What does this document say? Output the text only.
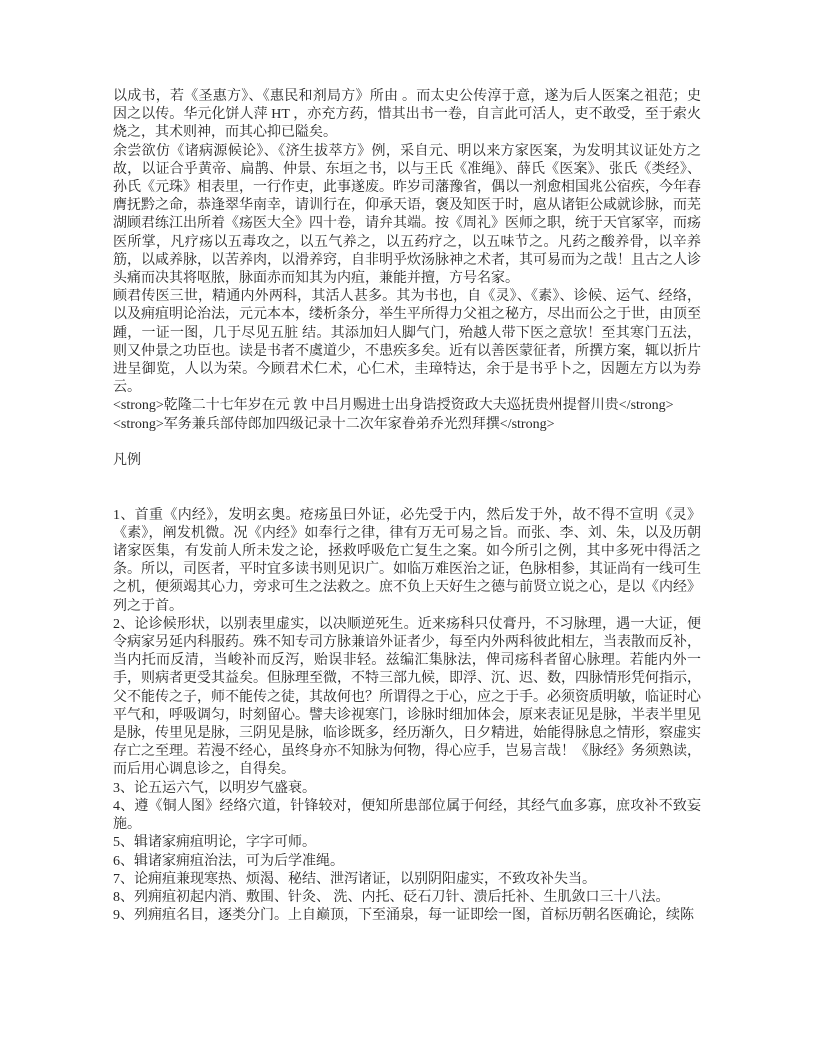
以成书，若《圣惠方》、《惠民和剂局方》所由 。而太史公传淳于意，遂为后人医案之祖范；史因之以传。华元化饼人萍 HT ，亦充方药，惜其出书一卷，自言此可活人，吏不敢受，至于索火烧之，其术则神，而其心抑已隘矣。

余尝欲仿《诸病源候论》、《济生拔萃方》例，采自元、明以来方家医案，为发明其议证处方之故，以证合乎黄帝、扁鹊、仲景、东垣之书，以与王氏《准绳》、薛氏《医案》、张氏《类经》、孙氏《元珠》相表里，一行作吏，此事遂废。昨岁司藩豫省，偶以一剂愈相国兆公宿疾，今年春膺抚黔之命，恭逢翠华南幸，请训行在，仰承天语，褒及知医于时，扈从诸钜公咸就诊脉，而芜湖顾君练江出所着《疡医大全》四十卷，请弁其端。按《周礼》医师之职，统于天官冢宰，而疡医所掌，凡疗疡以五毒攻之，以五气养之，以五药疗之，以五味节之。凡药之酸养骨，以辛养筋，以咸养脉，以苦养肉，以滑养窍，自非明乎炊汤脉神之术者，其可易而为之哉！且古之人诊头痛而决其将呕脓，脉面赤而知其为内疽，兼能并擅，方号名家。

顾君传医三世，精通内外两科，其活人甚多。其为书也，自《灵》、《素》、诊候、运气、经络，以及痈疽明论治法，元元本本，缕析条分，举生平所得力父祖之秘方，尽出而公之于世，由顶至踵，一证一图，几于尽见五脏 结。其添加妇人脚气门，殆越人带下医之意欤！至其寒门五法，则又仲景之功臣也。读是书者不虞道少，不患疾多矣。近有以善医蒙征者，所撰方案，辄以折片进呈御览，人以为荣。今顾君术仁术，心仁术，圭璋特达，余于是书乎卜之，因题左方以为券云。

<strong>乾隆二十七年岁在元 敦 中吕月赐进士出身诰授资政大夫巡抚贵州提督川贵</strong>

<strong>军务兼兵部侍郎加四级记录十二次年家眷弟乔光烈拜撰</strong>

凡例

1、首重《内经》，发明玄奥。疮疡虽曰外证，必先受于内，然后发于外，故不得不宣明《灵》《素》，阐发机微。况《内经》如奉行之律，律有万无可易之旨。而张、李、刘、朱，以及历朝诸家医集，有发前人所未发之论，拯救呼吸危亡复生之案。如今所引之例，其中多死中得活之条。所以，司医者，平时宜多读书则见识广。如临万难医治之证，色脉相参，其证尚有一线可生之机，便须竭其心力，旁求可生之法救之。庶不负上天好生之德与前贤立说之心，是以《内经》列之于首。

2、论诊候形状，以别表里虚实，以决顺逆死生。近来疡科只仗膏丹，不习脉理，遇一大证，便令病家另延内科服药。殊不知专司方脉兼谙外证者少，每至内外两科彼此相左，当表散而反补，当内托而反清，当峻补而反泻，贻误非轻。兹编汇集脉法，俾司疡科者留心脉理。若能内外一手，则病者更受其益矣。但脉理至微，不特三部九候，即浮、沉、迟、数，四脉情形凭何指示，父不能传之子，师不能传之徒，其故何也？所谓得之于心，应之于手。必须资质明敏，临证时心平气和，呼吸调匀，时刻留心。譬夫诊视寒门，诊脉时细加体会，原来表证见是脉，半表半里见是脉，传里见是脉，三阴见是脉，临诊既多，经历渐久，日夕精进，始能得脉息之情形，察虚实存亡之至理。若漫不经心，虽终身亦不知脉为何物，得心应手，岂易言哉！《脉经》务须熟读，而后用心调息诊之，自得矣。

3、论五运六气，以明岁气盛衰。

4、遵《铜人图》经络穴道，针锋较对，便知所患部位属于何经，其经气血多寡，庶攻补不致妄施。

5、辑诸家痈疽明论，字字可师。

6、辑诸家痈疽治法，可为后学准绳。

7、论痈疽兼现寒热、烦渴、秘结、泄泻诸证，以别阴阳虚实，不致攻补失当。

8、列痈疽初起内消、敷围、针灸、 洗、内托、砭石刀针、溃后托补、生肌敛口三十八法。

9、列痈疽名目，逐类分门。上自巅顶，下至涌泉，每一证即绘一图，首标历朝名医确论，续陈
